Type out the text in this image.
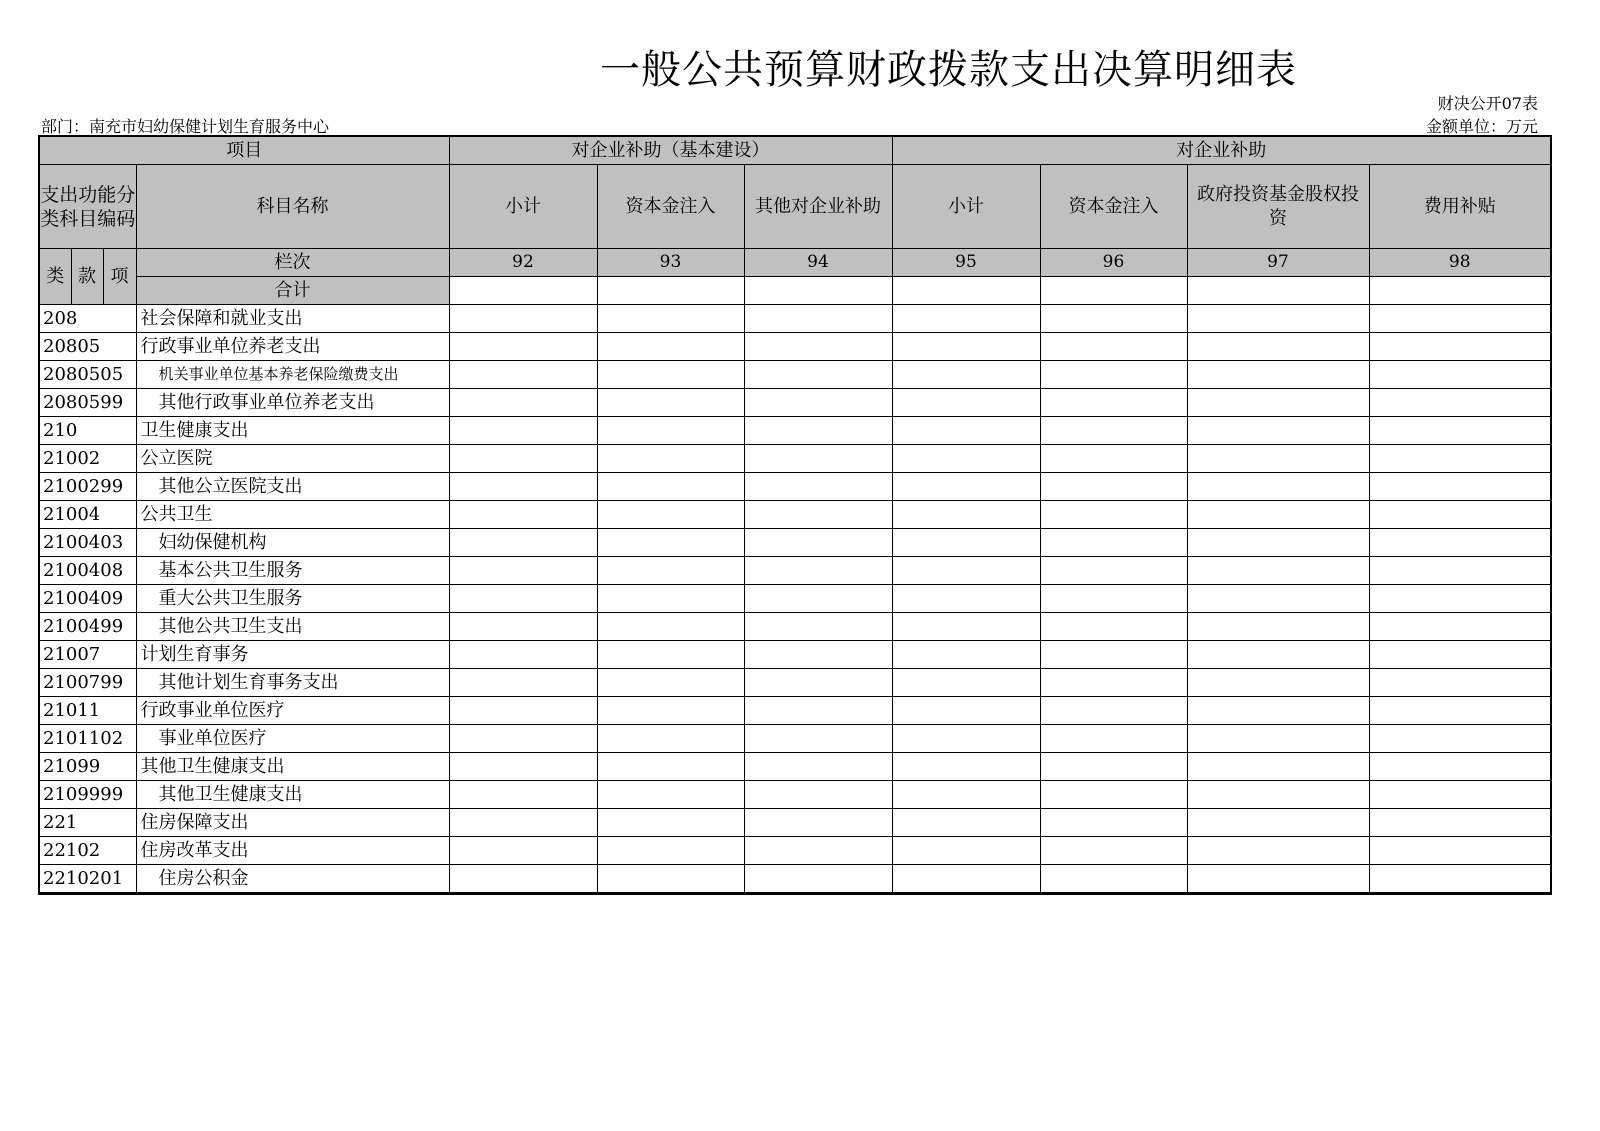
一般公共预算财政拨款支出决算明细表
财决公开07表
部门：南充市妇幼保健计划生育服务中心	金额单位：万元
项目				对企业补助（基本建设）			对企业补助			
支出功能分类科目编码			科目名称	小计	资本金注入	其他对企业补助	小计	资本金注入	政府投资基金股权投资	费用补贴
类	款	项	栏次	92	93	94	95	96	97	98
			合计							
208			社会保障和就业支出							
20805			行政事业单位养老支出							
2080505			机关事业单位基本养老保险缴费支出							
2080599			其他行政事业单位养老支出							
210			卫生健康支出							
21002			公立医院							
2100299			其他公立医院支出							
21004			公共卫生							
2100403			妇幼保健机构							
2100408			基本公共卫生服务							
2100409			重大公共卫生服务							
2100499			其他公共卫生支出							
21007			计划生育事务							
2100799			其他计划生育事务支出							
21011			行政事业单位医疗							
2101102			事业单位医疗							
21099			其他卫生健康支出							
2109999			其他卫生健康支出							
221			住房保障支出							
22102			住房改革支出							
2210201			住房公积金							
